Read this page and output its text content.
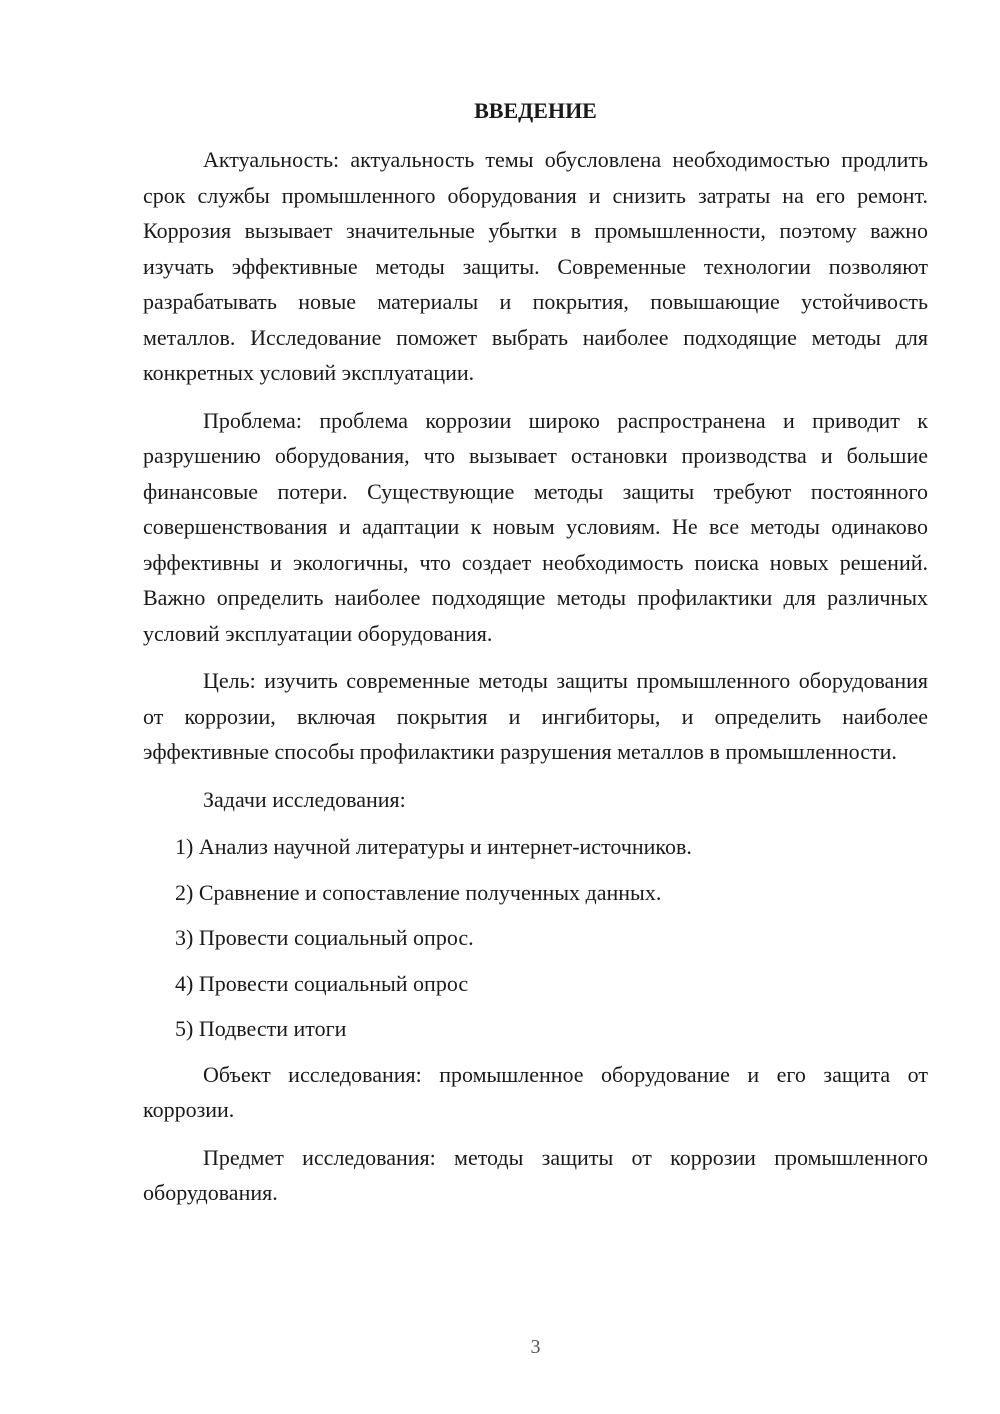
ВВЕДЕНИЕ

Актуальность: актуальность темы обусловлена необходимостью продлить срок службы промышленного оборудования и снизить затраты на его ремонт. Коррозия вызывает значительные убытки в промышленности, поэтому важно изучать эффективные методы защиты. Современные технологии позволяют разрабатывать новые материалы и покрытия, повышающие устойчивость металлов. Исследование поможет выбрать наиболее подходящие методы для конкретных условий эксплуатации.

Проблема: проблема коррозии широко распространена и приводит к разрушению оборудования, что вызывает остановки производства и большие финансовые потери. Существующие методы защиты требуют постоянного совершенствования и адаптации к новым условиям. Не все методы одинаково эффективны и экологичны, что создает необходимость поиска новых решений. Важно определить наиболее подходящие методы профилактики для различных условий эксплуатации оборудования.

Цель: изучить современные методы защиты промышленного оборудования от коррозии, включая покрытия и ингибиторы, и определить наиболее эффективные способы профилактики разрушения металлов в промышленности.

Задачи исследования:

1) Анализ научной литературы и интернет-источников.
2) Сравнение и сопоставление полученных данных.
3) Провести социальный опрос.
4) Провести социальный опрос
5) Подвести итоги

Объект исследования: промышленное оборудование и его защита от коррозии.

Предмет исследования: методы защиты от коррозии промышленного оборудования.

3
